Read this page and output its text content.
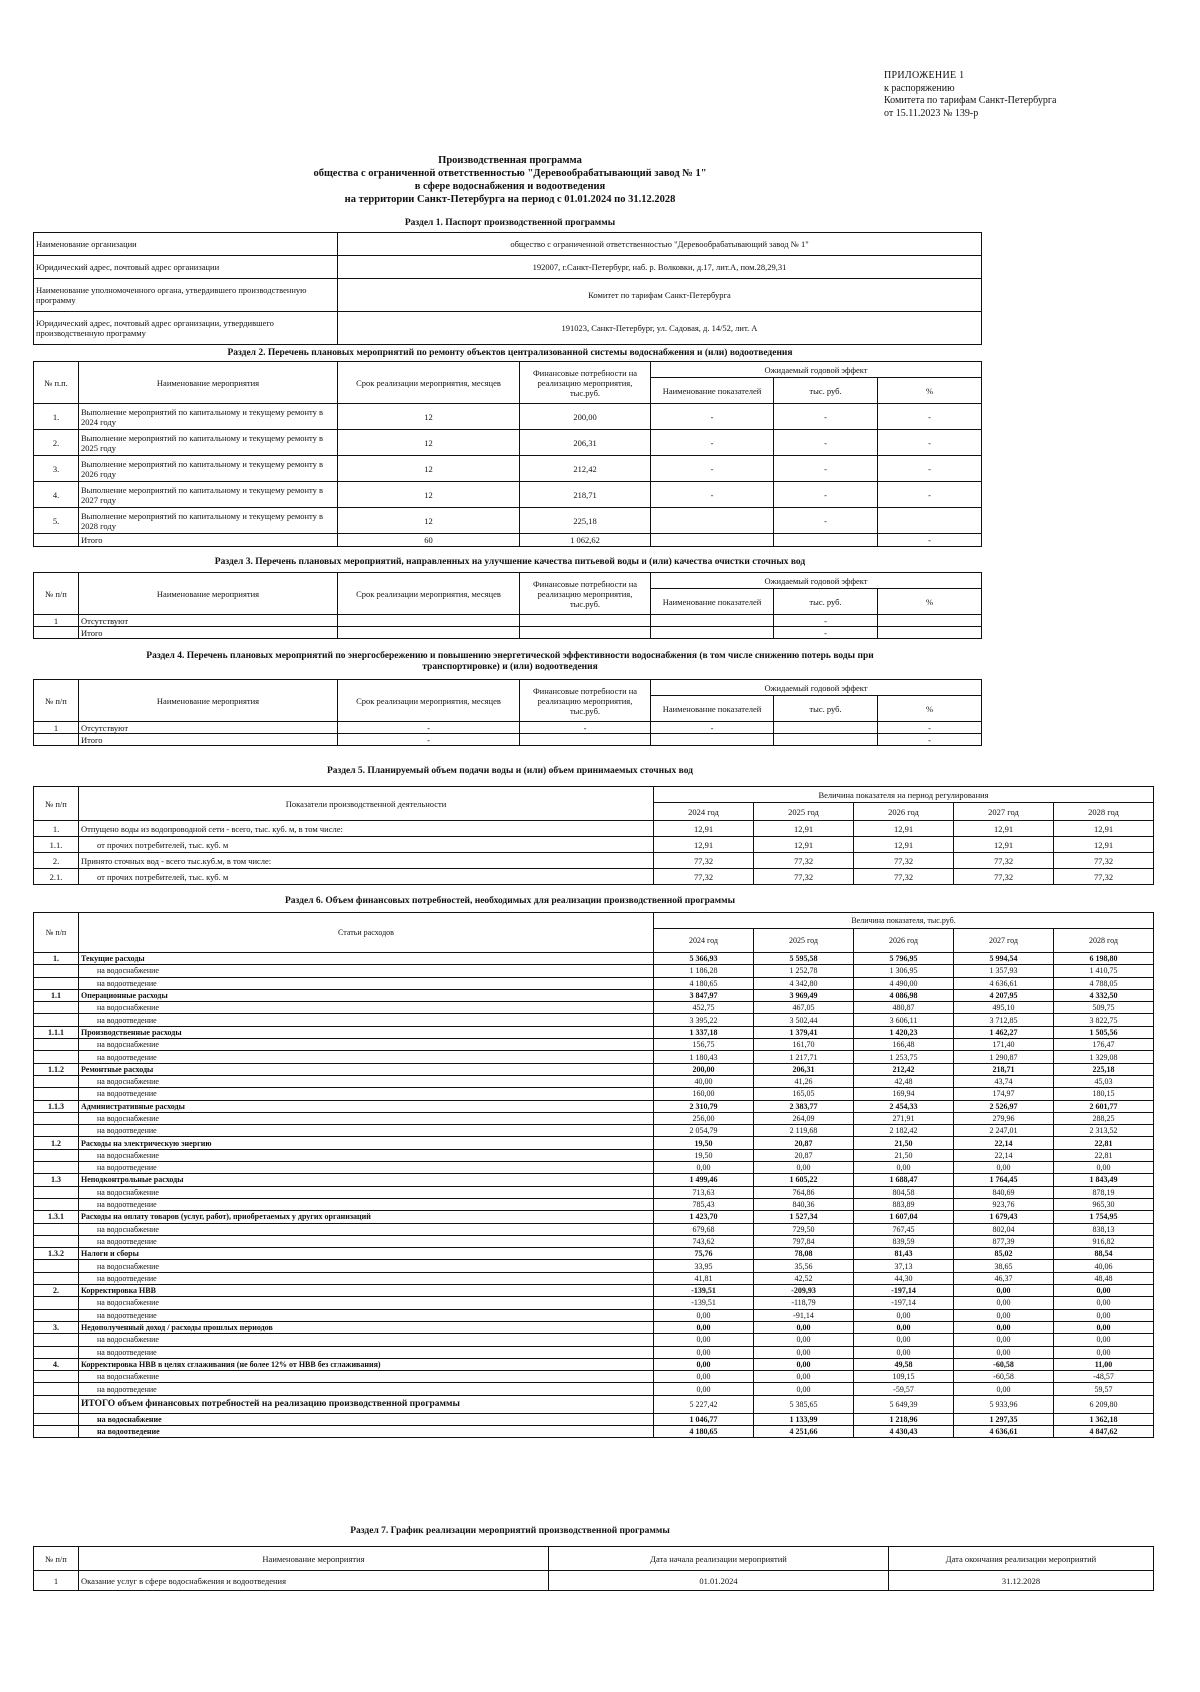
ПРИЛОЖЕНИЕ 1
к распоряжению
Комитета по тарифам Санкт-Петербурга
от 15.11.2023 № 139-р
Производственная программа
общества с ограниченной ответственностью "Деревообрабатывающий завод № 1"
в сфере водоснабжения и водоотведения
на территории Санкт-Петербурга на период с 01.01.2024 по 31.12.2028
Раздел 1. Паспорт производственной программы
Наименование организации	общество с ограниченной ответственностью "Деревообрабатывающий завод № 1"
Юридический адрес, почтовый адрес организации	192007, г.Санкт-Петербург, наб. р. Волковки, д.17, лит.А, пом.28,29,31
Наименование уполномоченного органа, утвердившего производственную программу	Комитет по тарифам Санкт-Петербурга
Юридический адрес, почтовый адрес организации, утвердившего производственную программу	191023, Санкт-Петербург, ул. Садовая, д. 14/52, лит. А
Раздел 2. Перечень плановых мероприятий по ремонту объектов централизованной системы водоснабжения и (или) водоотведения
№ п.п.	Наименование мероприятия	Срок реализации мероприятия, месяцев	Финансовые потребности на реализацию мероприятия, тыс.руб.	Ожидаемый годовой эффект		
				Наименование показателей	тыс. руб.	%
1.	Выполнение мероприятий по капитальному и текущему ремонту в 2024 году	12	200,00	-	-	-
2.	Выполнение мероприятий по капитальному и текущему ремонту в 2025 году	12	206,31	-	-	-
3.	Выполнение мероприятий по капитальному и текущему ремонту в 2026 году	12	212,42	-	-	-
4.	Выполнение мероприятий по капитальному и текущему ремонту в 2027 году	12	218,71	-	-	-
5.	Выполнение мероприятий по капитальному и текущему ремонту в 2028 году	12	225,18		-	
	Итого	60	1 062,62			-
Раздел 3. Перечень плановых мероприятий, направленных на улучшение качества питьевой воды и (или) качества очистки сточных вод
№ п/п	Наименование мероприятия	Срок реализации мероприятия, месяцев	Финансовые потребности на реализацию мероприятия, тыс.руб.	Ожидаемый годовой эффект		
				Наименование показателей	тыс. руб.	%
1	Отсутствуют				-	
	Итого				-	
Раздел 4. Перечень плановых мероприятий по энергосбережению и повышению энергетической эффективности водоснабжения (в том числе снижению потерь воды при
транспортировке) и (или) водоотведения
№ п/п	Наименование мероприятия	Срок реализации мероприятия, месяцев	Финансовые потребности на реализацию мероприятия, тыс.руб.	Ожидаемый годовой эффект		
				Наименование показателей	тыс. руб.	%
1	Отсутствуют	-	-	-		-
	Итого	-				-
Раздел 5. Планируемый объем подачи воды и (или) объем принимаемых сточных вод
№ п/п	Показатели производственной деятельности	Величина показателя на период регулирования				
		2024 год	2025 год	2026 год	2027 год	2028 год
1.	Отпущено воды из водопроводной сети - всего, тыс. куб. м, в том числе:	12,91	12,91	12,91	12,91	12,91
1.1.	от прочих потребителей, тыс. куб. м	12,91	12,91	12,91	12,91	12,91
2.	Принято сточных вод - всего тыс.куб.м, в том числе:	77,32	77,32	77,32	77,32	77,32
2.1.	от прочих потребителей, тыс. куб. м	77,32	77,32	77,32	77,32	77,32
Раздел 6. Объем финансовых потребностей, необходимых для реализации производственной программы
№ п/п	Статьи расходов	Величина показателя, тыс.руб.				
		2024 год	2025 год	2026 год	2027 год	2028 год
1.	Текущие расходы	5 366,93	5 595,58	5 796,95	5 994,54	6 198,80
	на водоснабжение	1 186,28	1 252,78	1 306,95	1 357,93	1 410,75
	на водоотведение	4 180,65	4 342,80	4 490,00	4 636,61	4 788,05
1.1	Операционные расходы	3 847,97	3 969,49	4 086,98	4 207,95	4 332,50
	на водоснабжение	452,75	467,05	480,87	495,10	509,75
	на водоотведение	3 395,22	3 502,44	3 606,11	3 712,85	3 822,75
1.1.1	Производственные расходы	1 337,18	1 379,41	1 420,23	1 462,27	1 505,56
	на водоснабжение	156,75	161,70	166,48	171,40	176,47
	на водоотведение	1 180,43	1 217,71	1 253,75	1 290,87	1 329,08
1.1.2	Ремонтные расходы	200,00	206,31	212,42	218,71	225,18
	на водоснабжение	40,00	41,26	42,48	43,74	45,03
	на водоотведение	160,00	165,05	169,94	174,97	180,15
1.1.3	Административные расходы	2 310,79	2 383,77	2 454,33	2 526,97	2 601,77
	на водоснабжение	256,00	264,09	271,91	279,96	288,25
	на водоотведение	2 054,79	2 119,68	2 182,42	2 247,01	2 313,52
1.2	Расходы на электрическую энергию	19,50	20,87	21,50	22,14	22,81
	на водоснабжение	19,50	20,87	21,50	22,14	22,81
	на водоотведение	0,00	0,00	0,00	0,00	0,00
1.3	Неподконтрольные расходы	1 499,46	1 605,22	1 688,47	1 764,45	1 843,49
	на водоснабжение	713,63	764,86	804,58	840,69	878,19
	на водоотведение	785,43	840,36	883,89	923,76	965,30
1.3.1	Расходы на оплату товаров (услуг, работ), приобретаемых у других организаций	1 423,70	1 527,34	1 607,04	1 679,43	1 754,95
	на водоснабжение	679,68	729,50	767,45	802,04	838,13
	на водоотведение	743,62	797,84	839,59	877,39	916,82
1.3.2	Налоги и сборы	75,76	78,08	81,43	85,02	88,54
	на водоснабжение	33,95	35,56	37,13	38,65	40,06
	на водоотведение	41,81	42,52	44,30	46,37	48,48
2.	Корректировка НВВ	-139,51	-209,93	-197,14	0,00	0,00
	на водоснабжение	-139,51	-118,79	-197,14	0,00	0,00
	на водоотведение	0,00	-91,14	0,00	0,00	0,00
3.	Недополученный доход / расходы прошлых периодов	0,00	0,00	0,00	0,00	0,00
	на водоснабжение	0,00	0,00	0,00	0,00	0,00
	на водоотведение	0,00	0,00	0,00	0,00	0,00
4.	Корректировка НВВ в целях сглаживания (не более 12% от НВВ без сглаживания)	0,00	0,00	49,58	-60,58	11,00
	на водоснабжение	0,00	0,00	109,15	-60,58	-48,57
	на водоотведение	0,00	0,00	-59,57	0,00	59,57
	ИТОГО объем финансовых потребностей на реализацию производственной программы	5 227,42	5 385,65	5 649,39	5 933,96	6 209,80
	на водоснабжение	1 046,77	1 133,99	1 218,96	1 297,35	1 362,18
	на водоотведение	4 180,65	4 251,66	4 430,43	4 636,61	4 847,62
Раздел 7. График реализации мероприятий производственной программы
№ п/п	Наименование мероприятия	Дата начала реализации мероприятий	Дата окончания реализации мероприятий
1	Оказание услуг в сфере водоснабжения и водоотведения	01.01.2024	31.12.2028
